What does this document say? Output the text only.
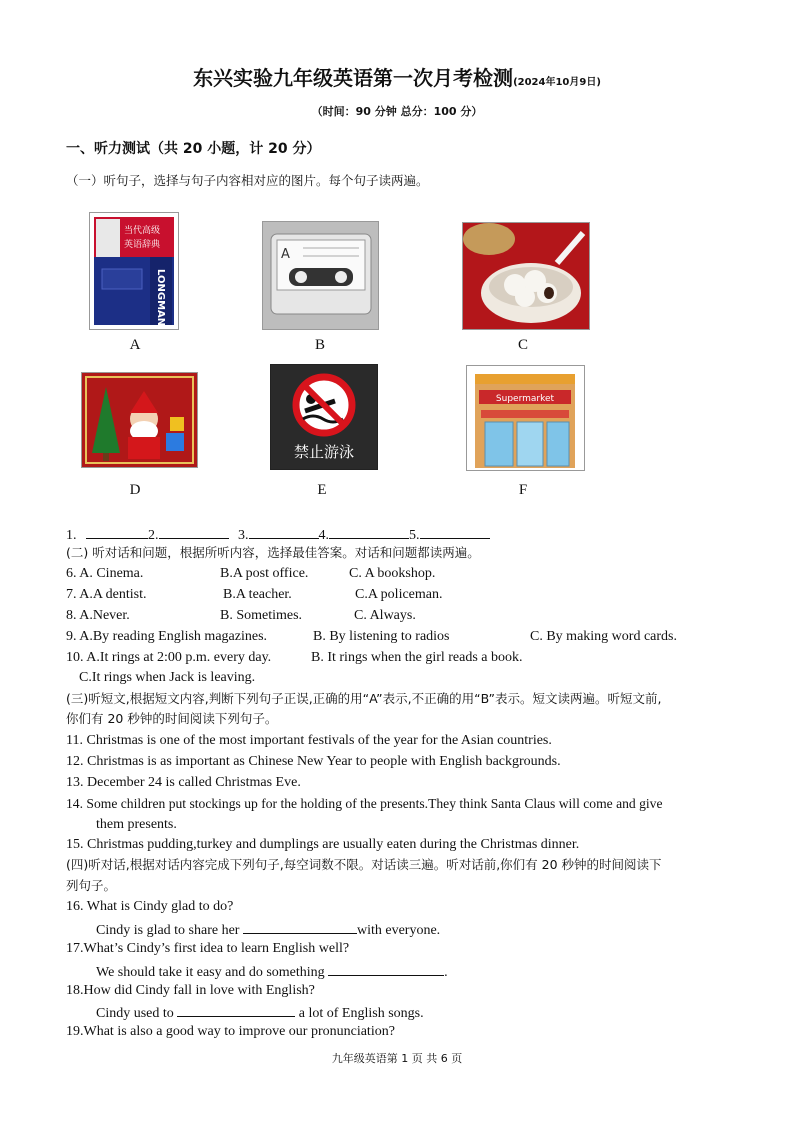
东兴实验九年级英语第一次月考检测(2024年10月9日)
（时间：90 分钟 总分：100 分）
一、听力测试（共 20 小题，计 20 分）
（一）听句子，选择与句子内容相对应的图片。每个句子读两遍。
当代高级
英语辞典
LONGMAN
A
A
B	C
D
禁止游泳
E
Supermarket
F
1.	2.	3.	4.	5.
(二) 听对话和问题，根据所听内容，选择最佳答案。对话和问题都读两遍。
6. A. Cinema.	B.A post office.	C. A bookshop.
7. A.A dentist.	B.A teacher.	C.A policeman.
8. A.Never.	B. Sometimes.	C. Always.
9. A.By reading English magazines.	B. By listening to radios	C. By making word cards.
10. A.It rings at 2:00 p.m. every day.	B. It rings when the girl reads a book.
C.It rings when Jack is leaving.
(三)听短文,根据短文内容,判断下列句子正误,正确的用“A”表示,不正确的用“B”表示。短文读两遍。听短文前,
你们有 20 秒钟的时间阅读下列句子。
11. Christmas is one of the most important festivals of the year for the Asian countries.
12. Christmas is as important as Chinese New Year to people with English backgrounds.
13. December 24 is called Christmas Eve.
14. Some children put stockings up for the holding of the presents.They think Santa Claus will come and give
them presents.
15. Christmas pudding,turkey and dumplings are usually eaten during the Christmas dinner.
(四)听对话,根据对话内容完成下列句子,每空词数不限。对话读三遍。听对话前,你们有 20 秒钟的时间阅读下
列句子。
16. What is Cindy glad to do?
Cindy is glad to share her	with everyone.
17.What’s Cindy’s first idea to learn English well?
We should take it easy and do something	.
18.How did Cindy fall in love with English?
Cindy used to	a lot of English songs.
19.What is also a good way to improve our pronunciation?
九年级英语第 1 页 共 6 页
